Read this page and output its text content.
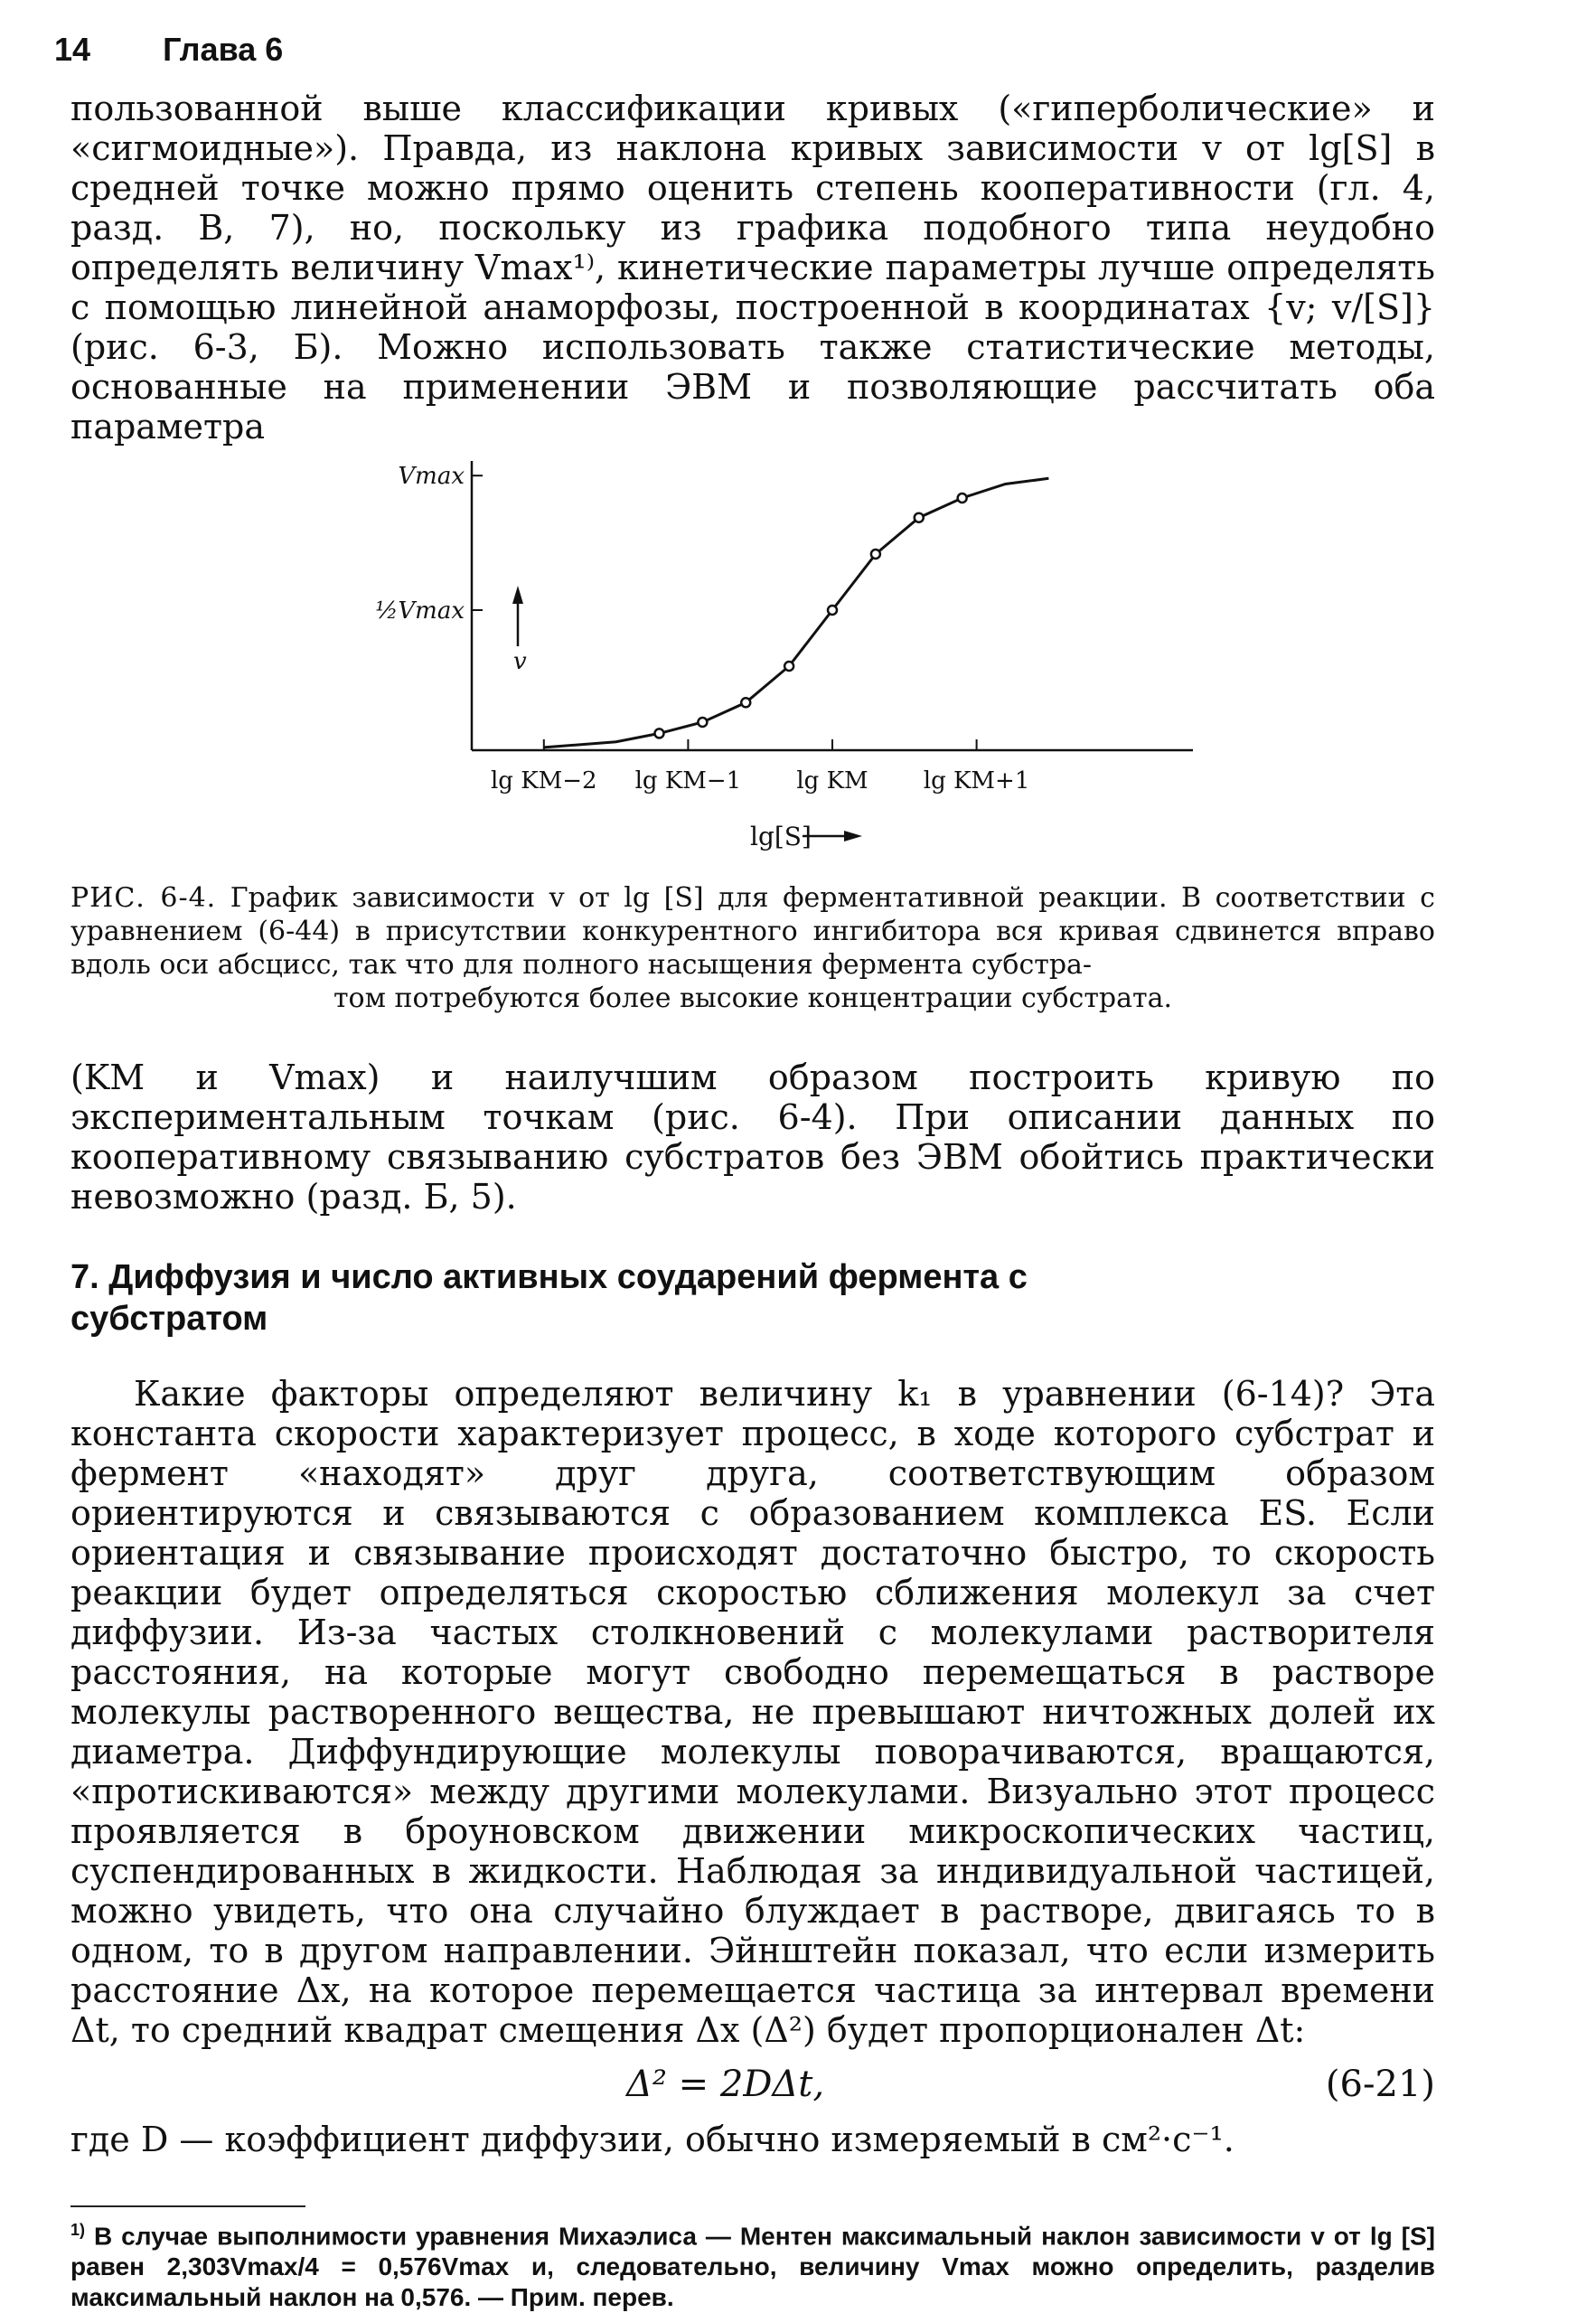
14 Глава 6
пользованной выше классификации кривых («гиперболические» и «сигмоидные»). Правда, из наклона кривых зависимости v от lg[S] в средней точке можно прямо оценить степень кооперативности (гл. 4, разд. В, 7), но, поскольку из графика подобного типа неудобно определять величину Vmax¹⁾, кинетические параметры лучше определять с помощью линейной анаморфозы, построенной в координатах {v; v/[S]} (рис. 6-3, Б). Можно использовать также статистические методы, основанные на применении ЭВМ и позволяющие рассчитать оба параметра
Vmax
½Vmax
lg KM−2 lg KM−1 lg KM lg KM+1
v
lg[S]
РИС. 6-4. График зависимости v от lg [S] для ферментативной реакции. В соответствии с уравнением (6-44) в присутствии конкурентного ингибитора вся кривая сдвинется вправо вдоль оси абсцисс, так что для полного насыщения фермента субстра-
том потребуются более высокие концентрации субстрата.
(KM и Vmax) и наилучшим образом построить кривую по экспериментальным точкам (рис. 6-4). При описании данных по кооперативному связыванию субстратов без ЭВМ обойтись практически невозможно (разд. Б, 5).
7. Диффузия и число активных соударений фермента с субстратом
Какие факторы определяют величину k₁ в уравнении (6-14)? Эта константа скорости характеризует процесс, в ходе которого субстрат и фермент «находят» друг друга, соответствующим образом ориентируются и связываются с образованием комплекса ES. Если ориентация и связывание происходят достаточно быстро, то скорость реакции будет определяться скоростью сближения молекул за счет диффузии. Из-за частых столкновений с молекулами растворителя расстояния, на которые могут свободно перемещаться в растворе молекулы растворенного вещества, не превышают ничтожных долей их диаметра. Диффундирующие молекулы поворачиваются, вращаются, «протискиваются» между другими молекулами. Визуально этот процесс проявляется в броуновском движении микроскопических частиц, суспендированных в жидкости. Наблюдая за индивидуальной частицей, можно увидеть, что она случайно блуждает в растворе, двигаясь то в одном, то в другом направлении. Эйнштейн показал, что если измерить расстояние Δx, на которое перемещается частица за интервал времени Δt, то средний квадрат смещения Δx (Δ²) будет пропорционален Δt:
Δ² = 2DΔt,	(6-21)
где D — коэффициент диффузии, обычно измеряемый в см²·с⁻¹.
$^{1)}$ В случае выполнимости уравнения Михаэлиса — Ментен максимальный наклон зависимости v от lg [S] равен 2,303Vmax/4 = 0,576Vmax и, следовательно, величину Vmax можно определить, разделив максимальный наклон на 0,576. — Прим. перев.
